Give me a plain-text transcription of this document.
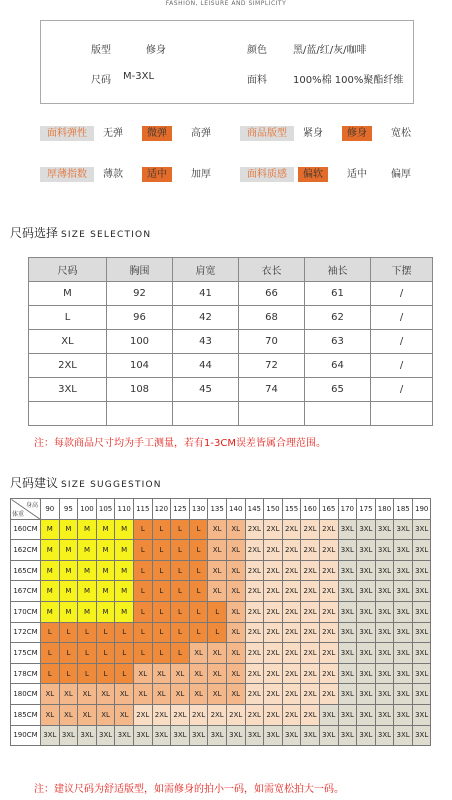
FASHION, LEISURE AND SIMPLICITY
版型	修身	颜色	黑/蓝/红/灰/咖啡
尺码 M-3XL	面料	100%棉 100%聚酯纤维
面料弹性	无弹	微弹	高弹	商品版型	紧身	修身	宽松
厚薄指数	薄款	适中	加厚	面料质感	偏软	适中	偏厚
尺码选择 SIZE SELECTION
尺码	胸围	肩宽	衣长	袖长	下摆
M	92	41	66	61	/
L	96	42	68	62	/
XL	100	43	70	63	/
2XL	104	44	72	64	/
3XL	108	45	74	65	/

注：每款商品尺寸均为手工测量，若有1-3CM误差皆属合理范围。
尺码建议 SIZE SUGGESTION
身高
体重	90	95	100	105	110	115	120	125	130	135	140	145	150	155	160	165	170	175	180	185	190
160CM	M	M	M	M	M	L	L	L	L	XL	XL	2XL	2XL	2XL	2XL	2XL	3XL	3XL	3XL	3XL	3XL
162CM	M	M	M	M	M	L	L	L	L	XL	XL	2XL	2XL	2XL	2XL	2XL	3XL	3XL	3XL	3XL	3XL
165CM	M	M	M	M	M	L	L	L	L	XL	XL	2XL	2XL	2XL	2XL	2XL	3XL	3XL	3XL	3XL	3XL
167CM	M	M	M	M	M	L	L	L	L	XL	XL	2XL	2XL	2XL	2XL	2XL	3XL	3XL	3XL	3XL	3XL
170CM	M	M	M	M	M	L	L	L	L	L	XL	2XL	2XL	2XL	2XL	2XL	3XL	3XL	3XL	3XL	3XL
172CM	L	L	L	L	L	L	L	L	L	L	XL	2XL	2XL	2XL	2XL	2XL	3XL	3XL	3XL	3XL	3XL
175CM	L	L	L	L	L	L	L	L	XL	XL	XL	2XL	2XL	2XL	2XL	2XL	3XL	3XL	3XL	3XL	3XL
178CM	L	L	L	L	L	XL	XL	XL	XL	XL	XL	2XL	2XL	2XL	2XL	2XL	3XL	3XL	3XL	3XL	3XL
180CM	XL	XL	XL	XL	XL	XL	XL	XL	XL	XL	XL	2XL	2XL	2XL	2XL	2XL	3XL	3XL	3XL	3XL	3XL
185CM	XL	XL	XL	XL	XL	2XL	2XL	2XL	2XL	2XL	2XL	2XL	2XL	2XL	2XL	3XL	3XL	3XL	3XL	3XL	3XL
190CM	3XL	3XL	3XL	3XL	3XL	3XL	3XL	3XL	3XL	3XL	3XL	3XL	3XL	3XL	3XL	3XL	3XL	3XL	3XL	3XL	3XL
注：建议尺码为舒适版型，如需修身的拍小一码，如需宽松拍大一码。
